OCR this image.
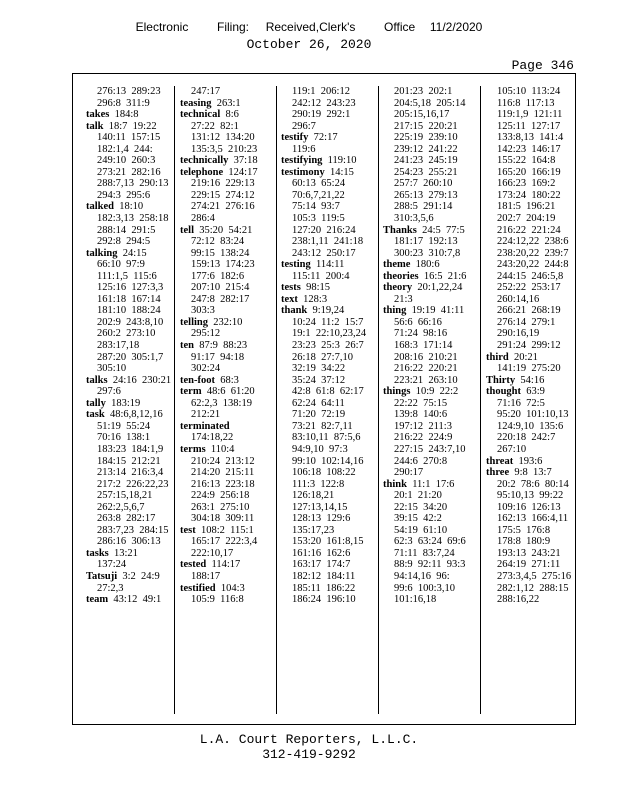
Electronic Filing: Received,Clerk's Office 11/2/2020
October 26, 2020
Page 346
276:13  289:23
296:8  311:9
takes 184:8
talk 18:7  19:22
140:11  157:15
182:1,4  244:
249:10  260:3
273:21  282:16
288:7,13  290:13
294:3  295:6
talked 18:10
182:3,13  258:18
288:14  291:5
292:8  294:5
talking 24:15
66:10  97:9
111:1,5  115:6
125:16  127:3,3
161:18  167:14
181:10  188:24
202:9  243:8,10
260:2  273:10
283:17,18
287:20  305:1,7
305:10
talks 24:16  230:21
297:6
tally 183:19
task 48:6,8,12,16
51:19  55:24
70:16  138:1
183:23  184:1,9
184:15  212:21
213:14  216:3,4
217:2  226:22,23
257:15,18,21
262:2,5,6,7
263:8  282:17
283:7,23  284:15
286:16  306:13
tasks 13:21
137:24
Tatsuji 3:2  24:9
27:2,3
team 43:12  49:1
247:17
teasing 263:1
technical 8:6
27:22  82:1
131:12  134:20
135:3,5  210:23
technically 37:18
telephone 124:17
219:16  229:13
229:15  274:12
274:21  276:16
286:4
tell 35:20  54:21
72:12  83:24
99:15  138:24
159:13  174:23
177:6  182:6
207:10  215:4
247:8  282:17
303:3
telling 232:10
295:12
ten 87:9  88:23
91:17  94:18
302:24
ten-foot 68:3
term 48:6  61:20
62:2,3  138:19
212:21
terminated
174:18,22
terms 110:4
210:24  213:12
214:20  215:11
216:13  223:18
224:9  256:18
263:1  275:10
304:18  309:11
test 108:2  115:1
165:17  222:3,4
222:10,17
tested 114:17
188:17
testified 104:3
105:9  116:8
119:1  206:12
242:12  243:23
290:19  292:1
296:7
testify 72:17
119:6
testifying 119:10
testimony 14:15
60:13  65:24
70:6,7,21,22
75:14  93:7
105:3  119:5
127:20  216:24
238:1,11  241:18
243:12  250:17
testing 114:11
115:11  200:4
tests 98:15
text 128:3
thank 9:19,24
10:24  11:2  15:7
19:1  22:10,23,24
23:23  25:3  26:7
26:18  27:7,10
32:19  34:22
35:24  37:12
42:8  61:8  62:17
62:24  64:11
71:20  72:19
73:21  82:7,11
83:10,11  87:5,6
94:9,10  97:3
99:10  102:14,16
106:18  108:22
111:3  122:8
126:18,21
127:13,14,15
128:13  129:6
135:17,23
153:20  161:8,15
161:16  162:6
163:17  174:7
182:12  184:11
185:11  186:22
186:24  196:10
201:23  202:1
204:5,18  205:14
205:15,16,17
217:15  220:21
225:19  239:10
239:12  241:22
241:23  245:19
254:23  255:21
257:7  260:10
265:13  279:13
288:5  291:14
310:3,5,6
Thanks 24:5  77:5
181:17  192:13
300:23  310:7,8
theme 180:6
theories 16:5  21:6
theory 20:1,22,24
21:3
thing 19:19  41:11
56:6  66:16
71:24  98:16
168:3  171:14
208:16  210:21
216:22  220:21
223:21  263:10
things 10:9  22:2
22:22  75:15
139:8  140:6
197:12  211:3
216:22  224:9
227:15  243:7,10
244:6  270:8
290:17
think 11:1  17:6
20:1  21:20
22:15  34:20
39:15  42:2
54:19  61:10
62:3  63:24  69:6
71:11  83:7,24
88:9  92:11  93:3
94:14,16  96:
99:6  100:3,10
101:16,18
105:10  113:24
116:8  117:13
119:1,9  121:11
125:11  127:17
133:8,13  141:4
142:23  146:17
155:22  164:8
165:20  166:19
166:23  169:2
173:24  180:22
181:5  196:21
202:7  204:19
216:22  221:24
224:12,22  238:6
238:20,22  239:7
243:20,22  244:8
244:15  246:5,8
252:22  253:17
260:14,16
266:21  268:19
276:14  279:1
290:16,19
291:24  299:12
third 20:21
141:19  275:20
Thirty 54:16
thought 63:9
71:16  72:5
95:20  101:10,13
124:9,10  135:6
220:18  242:7
267:10
threat 193:6
three 9:8  13:7
20:2  78:6  80:14
95:10,13  99:22
109:16  126:13
162:13  166:4,11
175:5  176:8
178:8  180:9
193:13  243:21
264:19  271:11
273:3,4,5  275:16
282:1,12  288:15
288:16,22
L.A. Court Reporters, L.L.C.
312-419-9292
